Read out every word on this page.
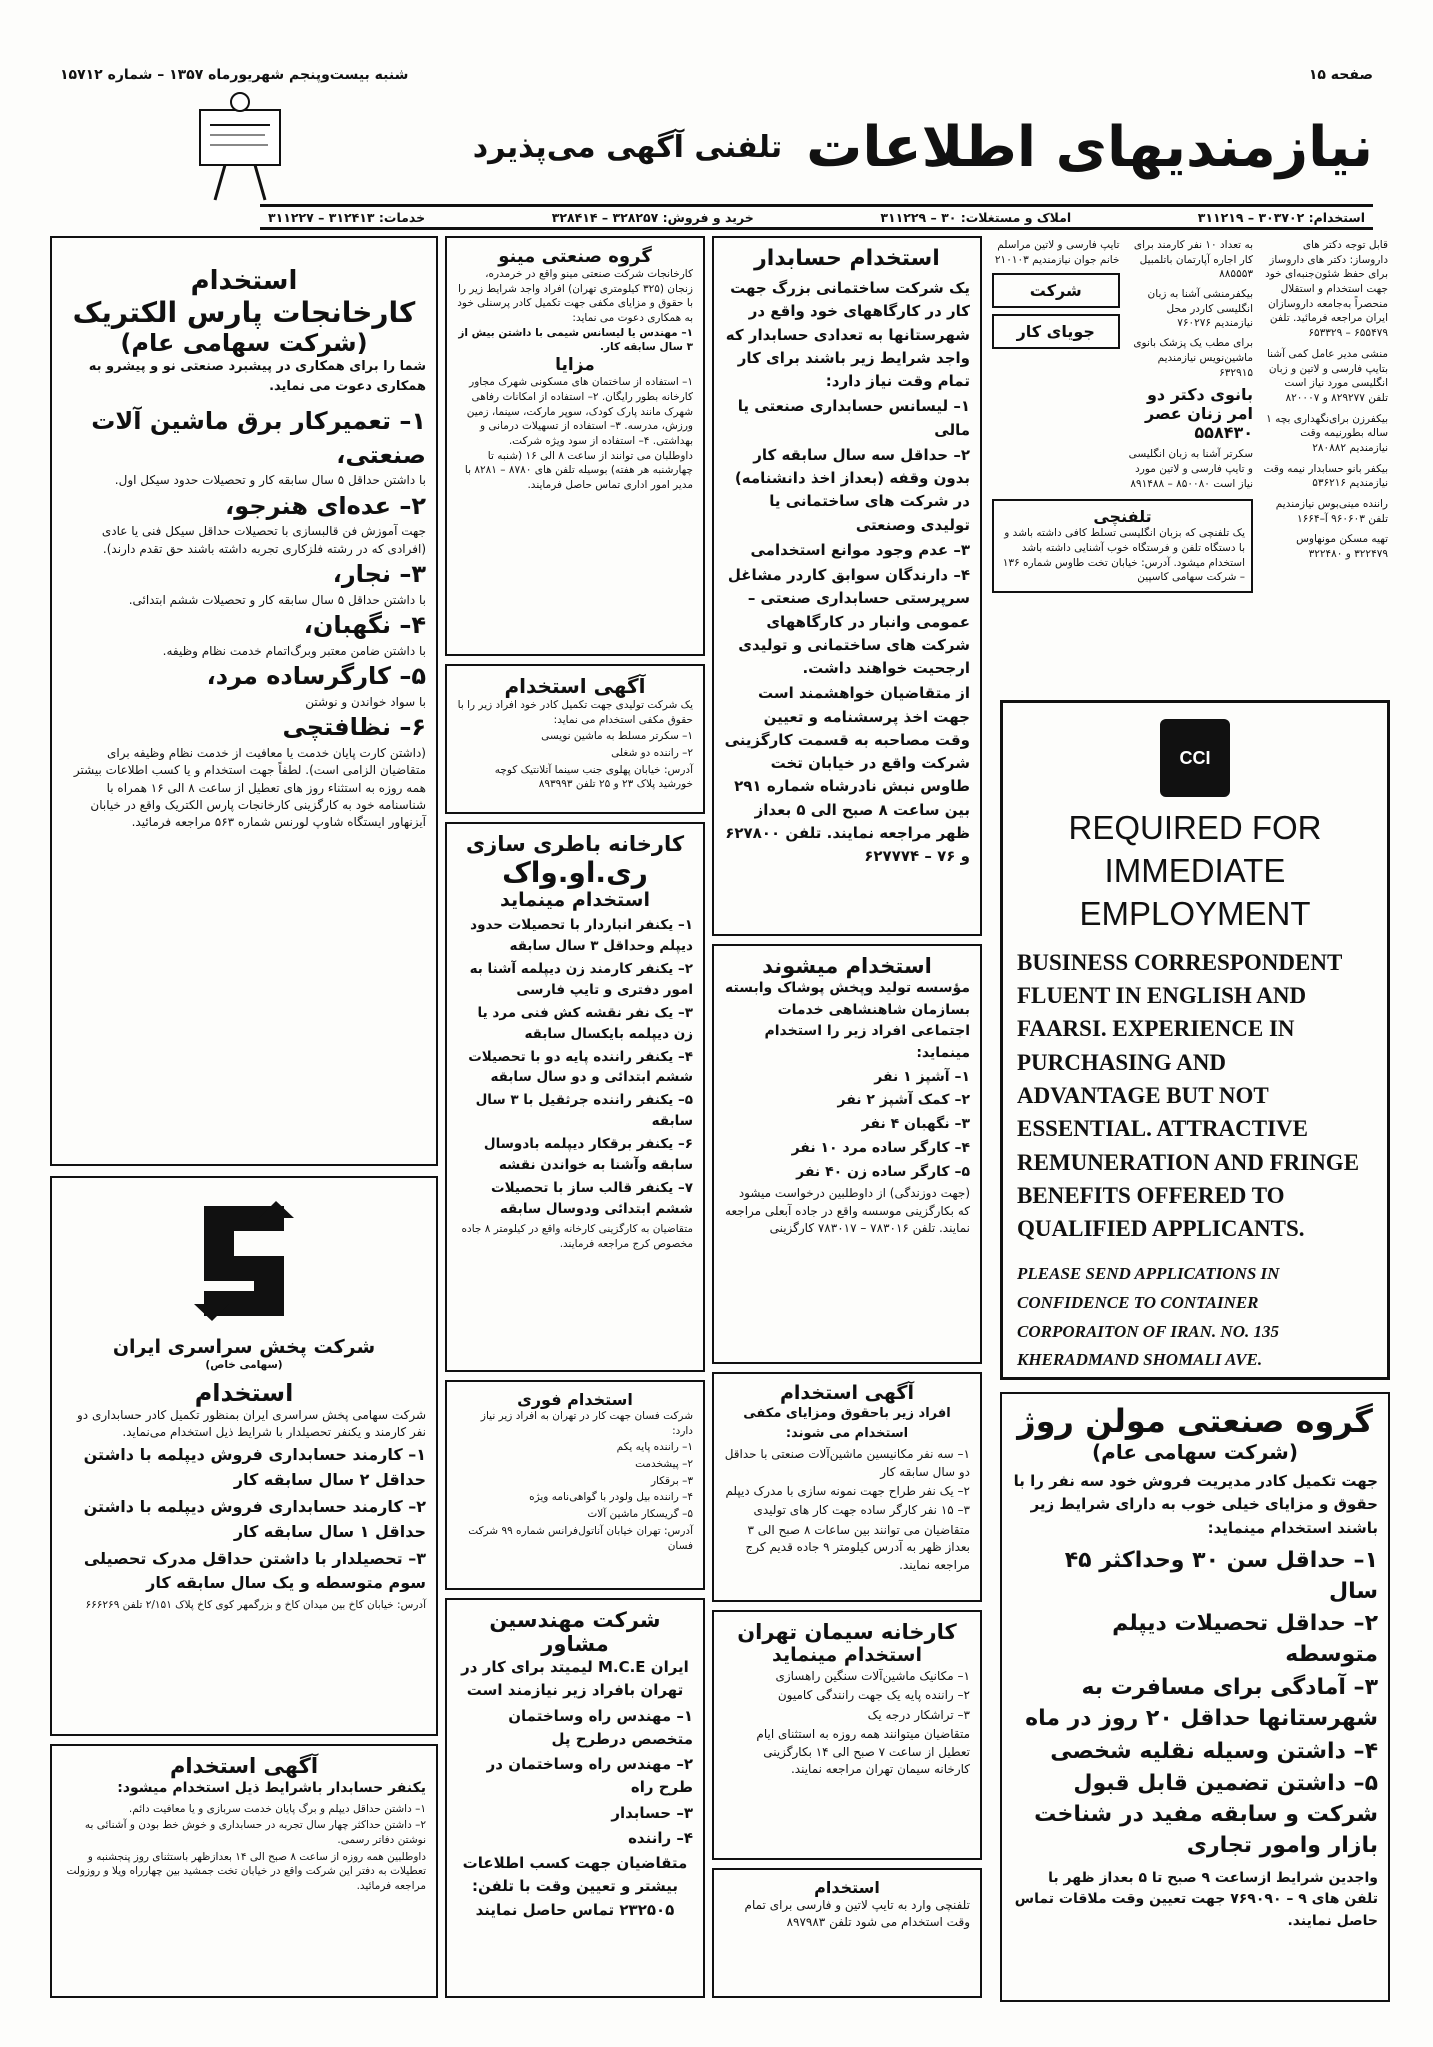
صفحه ۱۵
شنبه بیست‌و‌پنجم شهریورماه ۱۳۵۷ – شماره ۱۵۷۱۲
نیازمندیهای اطلاعات
تلفنی آگهی می‌پذیرد
استخدام: ۳۰۳۷۰۲ – ۳۱۱۲۱۹
املاک و مستغلات: ۳۰ – ۳۱۱۲۲۹
خرید و فروش: ۳۲۸۲۵۷ – ۳۲۸۴۱۴
خدمات: ۳۱۲۴۱۳ – ۳۱۱۲۲۷

قابل توجه دکتر های داروساز: دکتر های داروساز برای حفظ شئون‌جنبه‌ای خود جهت استخدام و استقلال منحصراً به‌جامعه داروسازان ایران مراجعه فرمائید. تلفن ۶۵۵۴۷۹ – ۶۵۳۳۲۹

منشی مدیر عامل کمی آشنا بتایپ فارسی و لاتین و زبان انگلیسی مورد نیاز است تلفن ۸۲۹۲۷۷ و ۸۲۰۰۰۷

بیکفرزن برای‌نگهداری بچه ۱ ساله بطورنیمه وقت نیازمندیم ۲۸۰۸۸۲

بیکفر بانو حسابدار نیمه وقت نیازمندیم ۵۳۶۲۱۶

راننده مینی‌بوس نیازمندیم تلفن ۹۶۰۶۰۳ آ–۱۶۶۴

تهیه مسکن مونهاوس ۳۲۲۴۷۹ و ۳۲۲۴۸۰

به تعداد ۱۰ نفر کارمند برای کار اجاره آپارتمان باتلمبیل ۸۸۵۵۵۳

بیکفرمنشی آشنا به زبان انگلیسی کاردر محل نیازمندیم ۷۶۰۲۷۶

برای مطب یک پزشک بانوی ماشین‌نویس نیازمندیم ۶۳۲۹۱۵

بانوی دکتر دو امر زنان عصر ۵۵۸۴۳۰

سکرتر آشنا به زبان انگلیسی و تایپ فارسی و لاتین مورد نیاز است ۸۵۰۰۸۰ – ۸۹۱۴۸۸

تایپ فارسی و لاتین مراسلم خانم جوان نیازمندیم ۲۱۰۱۰۳

شرکت
جویای کار
تلفنچی

یک تلفنچی که بزبان انگلیسی تسلط کافی داشته باشد و با دستگاه تلفن و فرستگاه خوب آشنایی داشته باشد استخدام میشود. آدرس: خیابان تخت طاوس شماره ۱۳۶ – شرکت سهامی کاسپین

CCI
REQUIRED FOR IMMEDIATE EMPLOYMENT
BUSINESS CORRESPONDENT FLUENT IN ENGLISH AND FAARSI. EXPERIENCE IN PURCHASING AND ADVANTAGE BUT NOT ESSENTIAL. ATTRACTIVE REMUNERATION AND FRINGE BENEFITS OFFERED TO QUALIFIED APPLICANTS.
PLEASE SEND APPLICATIONS IN CONFIDENCE TO CONTAINER CORPORAITON OF IRAN. NO. 135 KHERADMAND SHOMALI AVE.
گروه صنعتی مولن روژ
(شرکت سهامی عام)

جهت تکمیل کادر مدیریت فروش خود سه نفر را با حقوق و مزایای خیلی خوب به دارای شرایط زیر باشند استخدام مینماید:

۱– حداقل سن ۳۰ وحداکثر ۴۵ سال
۲– حداقل تحصیلات دیپلم متوسطه
۳– آمادگی برای مسافرت به شهرستانها حداقل ۲۰ روز در ماه
۴– داشتن وسیله نقلیه شخصی
۵– داشتن تضمین قابل قبول شرکت و سابقه مفید در شناخت بازار وامور تجاری

واجدین شرایط ازساعت ۹ صبح تا ۵ بعداز ظهر با تلفن های ۹ – ۷۶۹۰۹۰ جهت تعیین وقت ملاقات تماس حاصل نمایند.

استخدام حسابدار

یک شرکت ساختمانی بزرگ جهت کار در کارگاههای خود واقع در شهرستانها به تعدادی حسابدار که واجد شرایط زیر باشند برای کار تمام وقت نیاز دارد:

۱– لیسانس حسابداری صنعتی یا مالی
۲– حداقل سه سال سابقه کار بدون وقفه (بعداز اخذ دانشنامه) در شرکت های ساختمانی یا تولیدی وصنعتی
۳– عدم وجود موانع استخدامی
۴– دارندگان سوابق کاردر مشاغل سرپرستی حسابداری صنعتی – عمومی وانبار در کارگاههای شرکت های ساختمانی و تولیدی ارجحیت خواهند داشت.

از متقاضیان خواهشمند است جهت اخذ پرسشنامه و تعیین وقت مصاحبه به قسمت کارگزینی شرکت واقع در خیابان تخت طاوس نبش نادرشاه شماره ۲۹۱ بین ساعت ۸ صبح الی ۵ بعداز ظهر مراجعه نمایند. تلفن ۶۲۷۸۰۰ و ۷۶ – ۶۲۷۷۷۴

استخدام میشوند

مؤسسه تولید وپخش پوشاک وابسته بسازمان شاهنشاهی خدمات اجتماعی افراد زیر را استخدام مینماید:

۱– آشپز ۱ نفر
۲– کمک آشپز ۲ نفر
۳– نگهبان ۴ نفر
۴– کارگر ساده مرد ۱۰ نفر
۵– کارگر ساده زن ۴۰ نفر

(جهت دوزندگی) از داوطلبین درخواست میشود که بکارگزینی موسسه واقع در جاده آبعلی مراجعه نمایند. تلفن ۷۸۳۰۱۶ – ۷۸۳۰۱۷ کارگزینی

آگهی استخدام

افراد زیر باحقوق ومزایای مکفی استخدام می شوند:

۱– سه نفر مکانیسین ماشین‌آلات صنعتی با حداقل دو سال سابقه کار
۲– یک نفر طراح جهت نمونه سازی با مدرک دیپلم
۳– ۱۵ نفر کارگر ساده جهت کار های تولیدی

متقاضیان می توانند بین ساعات ۸ صبح الی ۳ بعداز ظهر به آدرس کیلومتر ۹ جاده قدیم کرج مراجعه نمایند.

کارخانه سیمان تهران
استخدام مینماید
۱– مکانیک ماشین‌آلات سنگین راهسازی
۲– راننده پایه یک جهت رانندگی کامیون
۳– تراشکار درجه یک

متقاضیان میتوانند همه روزه به استثنای ایام تعطیل از ساعت ۷ صبح الی ۱۴ بکارگزینی کارخانه سیمان تهران مراجعه نمایند.

استخدام

تلفنچی وارد به تایپ لاتین و فارسی برای تمام وقت استخدام می شود تلفن ۸۹۷۹۸۳

گروه صنعتی مینو

کارخانجات شرکت صنعتی مینو واقع در خرمدره، زنجان (۳۲۵ کیلومتری تهران) افراد واجد شرایط زیر را با حقوق و مزایای مکفی جهت تکمیل کادر پرسنلی خود به همکاری دعوت می نماید:

۱– مهندس یا لیسانس شیمی با داشتن بیش از ۳ سال سابقه کار.

مزایا

۱– استفاده از ساختمان های مسکونی شهرک مجاور کارخانه بطور رایگان. ۲– استفاده از امکانات رفاهی شهرک مانند پارک کودک، سوپر مارکت، سینما، زمین ورزش، مدرسه. ۳– استفاده از تسهیلات درمانی و بهداشتی. ۴– استفاده از سود ویژه شرکت.

داوطلبان می توانند از ساعت ۸ الی ۱۶ (شنبه تا چهارشنبه هر هفته) بوسیله تلفن های ۸۷۸۰ – ۸۲۸۱ با مدیر امور اداری تماس حاصل فرمایند.

آگهی استخدام

یک شرکت تولیدی جهت تکمیل کادر خود افراد زیر را با حقوق مکفی استخدام می نماید:

۱– سکرتر مسلط به ماشین نویسی
۲– راننده دو شغلی

آدرس: خیابان پهلوی جنب سینما آتلانتیک کوچه خورشید پلاک ۲۳ و ۲۵ تلفن ۸۹۳۹۹۳

کارخانه باطری سازی
ری.او.واک
استخدام مینماید
۱– یکنفر انباردار با تحصیلات حدود دیپلم وحداقل ۳ سال سابقه
۲– یکنفر کارمند زن دیپلمه آشنا به امور دفتری و تایپ فارسی
۳– یک نفر نقشه کش فنی مرد یا زن دیپلمه بایکسال سابقه
۴– یکنفر راننده پایه دو با تحصیلات ششم ابتدائی و دو سال سابقه
۵– یکنفر راننده جرثقیل با ۳ سال سابقه
۶– یکنفر برقکار دیپلمه بادوسال سابقه وآشنا به خواندن نقشه
۷– یکنفر قالب ساز با تحصیلات ششم ابتدائی ودوسال سابقه

متقاضیان به کارگزینی کارخانه واقع در کیلومتر ۸ جاده مخصوص کرج مراجعه فرمایند.

استخدام فوری

شرکت فسان جهت کار در تهران به افراد زیر نیاز دارد:

۱– راننده پایه یکم
۲– پیشخدمت
۳– برقکار
۴– راننده بیل ولودر با گواهی‌نامه ویژه
۵– گریسکار ماشین آلات

آدرس: تهران خیابان آناتول‌فرانس شماره ۹۹ شرکت فسان

شرکت مهندسین مشاور

ایران M.C.E لیمیتد برای کار در تهران بافراد زیر نیازمند است

۱– مهندس راه وساختمان متخصص درطرح پل
۲– مهندس راه وساختمان در طرح راه
۳– حسابدار
۴– راننده

متقاضیان جهت کسب اطلاعات بیشتر و تعیین وقت با تلفن: ۲۳۲۵۰۵ تماس حاصل نمایند

استخدام
کارخانجات پارس الکتریک
(شرکت سهامی عام)

شما را برای همکاری در پیشبرد صنعتی نو و پیشرو به همکاری دعوت می نماید.

۱– تعمیرکار برق ماشین آلات صنعتی،

با داشتن حداقل ۵ سال سابقه کار و تحصیلات حدود سیکل اول.

۲– عده‌ای هنرجو،

جهت آموزش فن قالبسازی با تحصیلات حداقل سیکل فنی یا عادی (افرادی که در رشته فلزکاری تجربه داشته باشند حق تقدم دارند).

۳– نجار،

با داشتن حداقل ۵ سال سابقه کار و تحصیلات ششم ابتدائی.

۴– نگهبان،

با داشتن ضامن معتبر وبرگ‌اتمام خدمت نظام وظیفه.

۵– کارگرساده مرد،

با سواد خواندن و نوشتن

۶– نظافتچی

(داشتن کارت پایان خدمت یا معافیت از خدمت نظام وظیفه برای متقاضیان الزامی است). لطفاً جهت استخدام و یا کسب اطلاعات بیشتر همه روزه به استثناء روز های تعطیل از ساعت ۸ الی ۱۶ همراه با شناسنامه خود به کارگزینی کارخانجات پارس الکتریک واقع در خیابان آیزنهاور ایستگاه شاوپ لورنس شماره ۵۶۳ مراجعه فرمائید.

شرکت پخش سراسری ایران
(سهامی خاص)
استخدام

شرکت سهامی پخش سراسری ایران بمنظور تکمیل کادر حسابداری دو نفر کارمند و یکنفر تحصیلدار با شرایط ذیل استخدام می‌نماید.

۱– کارمند حسابداری فروش دیپلمه با داشتن حداقل ۲ سال سابقه کار
۲– کارمند حسابداری فروش دیپلمه با داشتن حداقل ۱ سال سابقه کار
۳– تحصیلدار با داشتن حداقل مدرک تحصیلی سوم متوسطه و یک سال سابقه کار

آدرس: خیابان کاخ بین میدان کاخ و بزرگمهر کوی کاخ پلاک ۲/۱۵۱ تلفن ۶۶۶۲۶۹

آگهی استخدام

یکنفر حسابدار باشرایط ذیل استخدام میشود:

۱– داشتن حداقل دیپلم و برگ پایان خدمت سربازی و یا معافیت دائم.
۲– داشتن حداکثر چهار سال تجربه در حسابداری و خوش خط بودن و آشنائی به نوشتن دفاتر رسمی.

داوطلبین همه روزه از ساعت ۸ صبح الی ۱۴ بعدازظهر باستثنای روز پنجشنبه و تعطیلات به دفتر این شرکت واقع در خیابان تخت جمشید بین چهارراه ویلا و روزولت مراجعه فرمائید.
